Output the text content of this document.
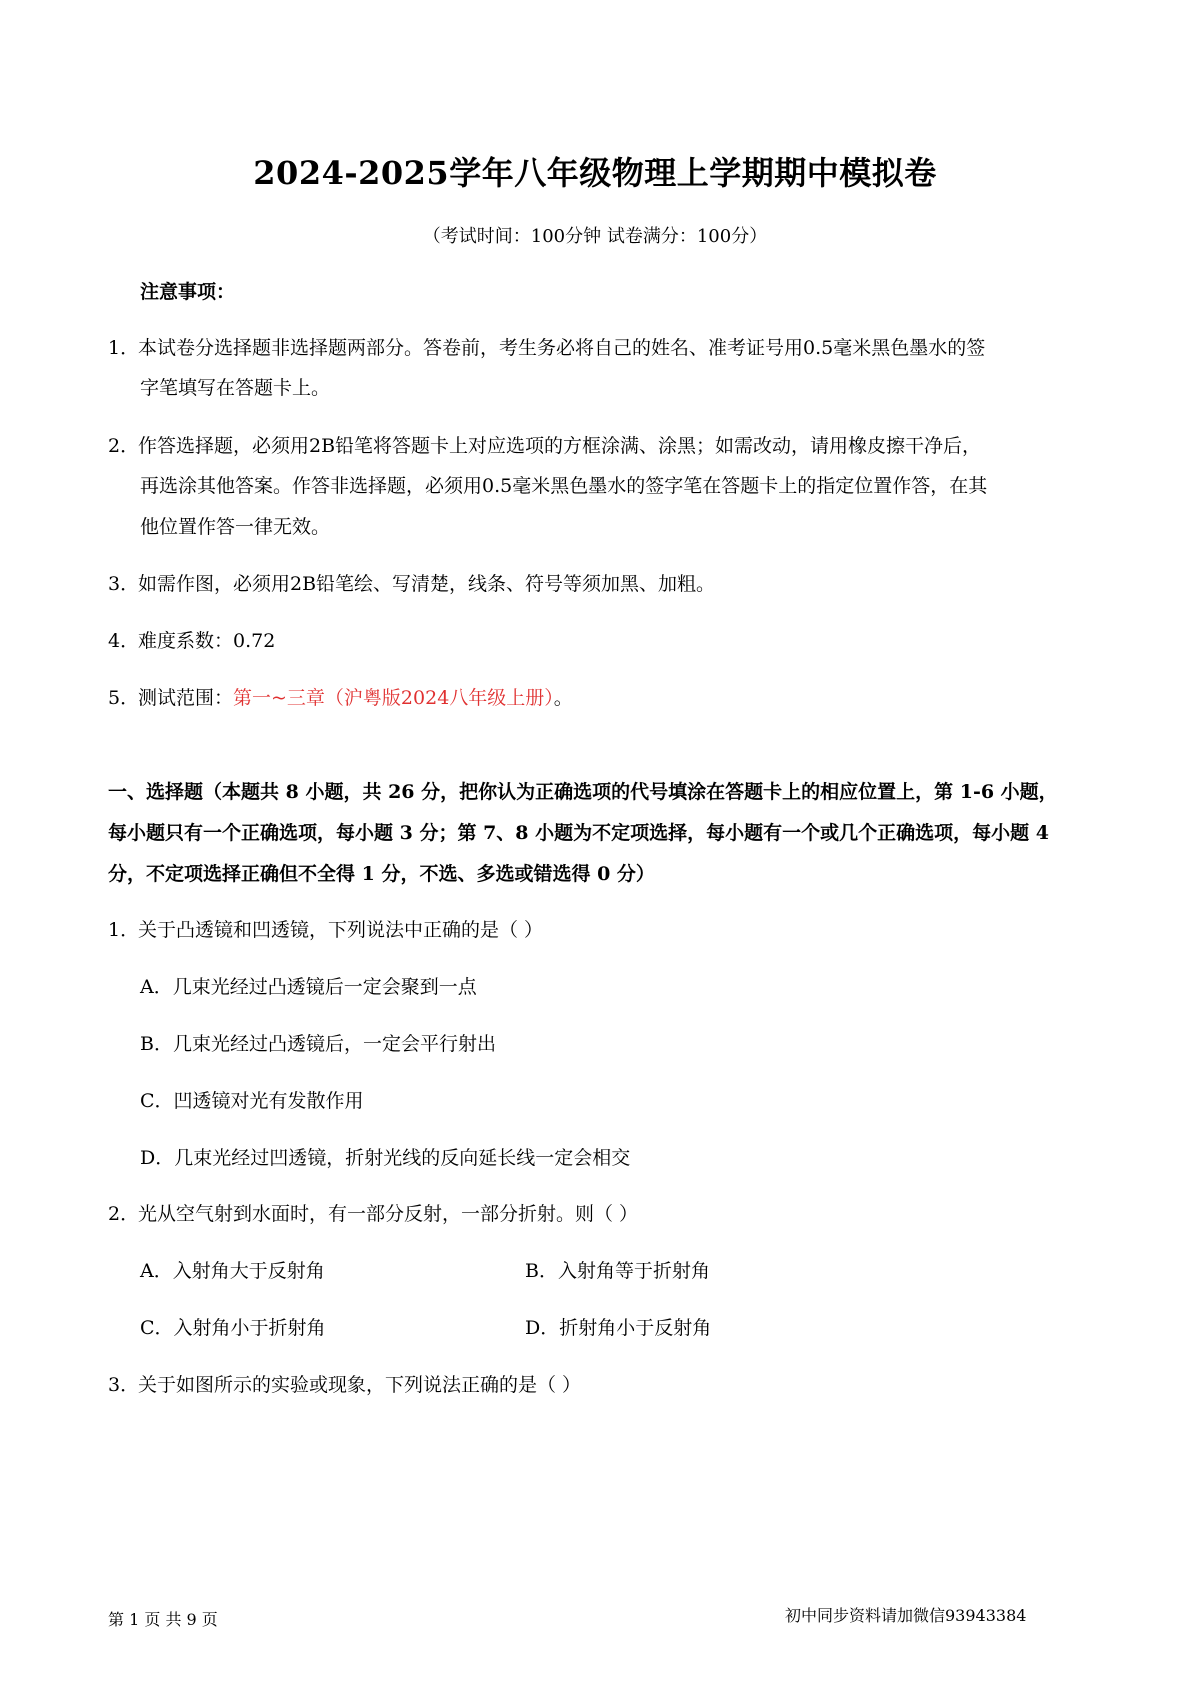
2024-2025学年八年级物理上学期期中模拟卷
（考试时间：100分钟 试卷满分：100分）
注意事项：
1．本试卷分选择题非选择题两部分。答卷前，考生务必将自己的姓名、准考证号用0.5毫米黑色墨水的签
字笔填写在答题卡上。
2．作答选择题，必须用2B铅笔将答题卡上对应选项的方框涂满、涂黑；如需改动，请用橡皮擦干净后，
再选涂其他答案。作答非选择题，必须用0.5毫米黑色墨水的签字笔在答题卡上的指定位置作答，在其
他位置作答一律无效。
3．如需作图，必须用2B铅笔绘、写清楚，线条、符号等须加黑、加粗。
4．难度系数：0.72
5．测试范围：第一~三章（沪粤版2024八年级上册）。
一、选择题（本题共 8 小题，共 26 分，把你认为正确选项的代号填涂在答题卡上的相应位置上，第 1-6 小题，
每小题只有一个正确选项，每小题 3 分；第 7、8 小题为不定项选择，每小题有一个或几个正确选项，每小题 4
分，不定项选择正确但不全得 1 分，不选、多选或错选得 0 分）
1．关于凸透镜和凹透镜，下列说法中正确的是（ ）
A．几束光经过凸透镜后一定会聚到一点
B．几束光经过凸透镜后，一定会平行射出
C．凹透镜对光有发散作用
D．几束光经过凹透镜，折射光线的反向延长线一定会相交
2．光从空气射到水面时，有一部分反射，一部分折射。则（ ）
A．入射角大于反射角	B．入射角等于折射角
C．入射角小于折射角	D．折射角小于反射角
3．关于如图所示的实验或现象，下列说法正确的是（ ）
第 1 页 共 9 页	初中同步资料请加微信93943384
